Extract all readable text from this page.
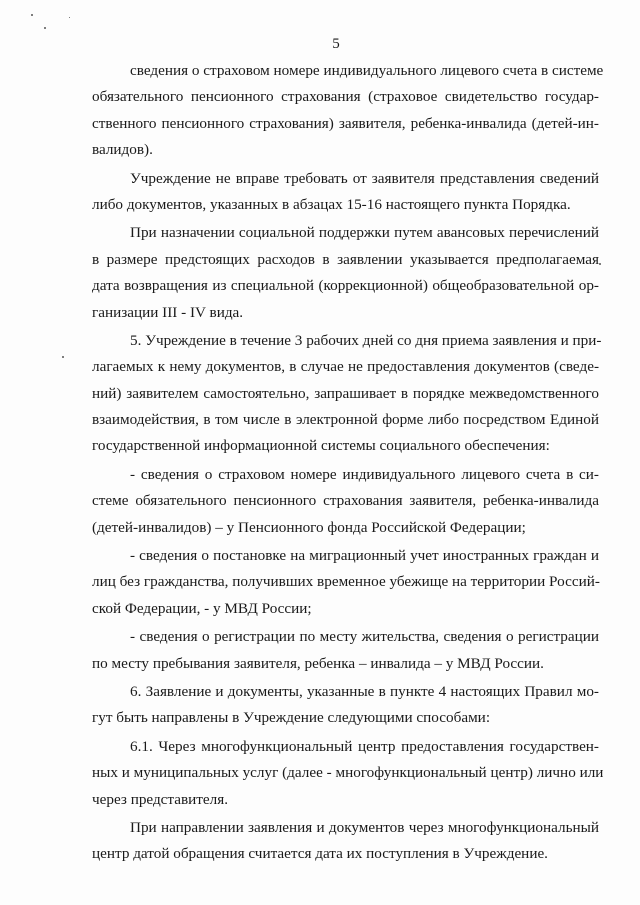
5
сведения о страховом номере индивидуального лицевого счета в системе
обязательного пенсионного страхования (страховое свидетельство государ-
ственного пенсионного страхования) заявителя, ребенка-инвалида (детей-ин-
валидов).
Учреждение не вправе требовать от заявителя представления сведений
либо документов, указанных в абзацах 15-16 настоящего пункта Порядка.
При назначении социальной поддержки путем авансовых перечислений
в размере предстоящих расходов в заявлении указывается предполагаемая
дата возвращения из специальной (коррекционной) общеобразовательной ор-
ганизации III - IV вида.
5. Учреждение в течение 3 рабочих дней со дня приема заявления и при-
лагаемых к нему документов, в случае не предоставления документов (сведе-
ний) заявителем самостоятельно, запрашивает в порядке межведомственного
взаимодействия, в том числе в электронной форме либо посредством Единой
государственной информационной системы социального обеспечения:
- сведения о страховом номере индивидуального лицевого счета в си-
стеме обязательного пенсионного страхования заявителя, ребенка-инвалида
(детей-инвалидов) – у Пенсионного фонда Российской Федерации;
- сведения о постановке на миграционный учет иностранных граждан и
лиц без гражданства, получивших временное убежище на территории Россий-
ской Федерации, - у МВД России;
- сведения о регистрации по месту жительства, сведения о регистрации
по месту пребывания заявителя, ребенка – инвалида – у МВД России.
6. Заявление и документы, указанные в пункте 4 настоящих Правил мо-
гут быть направлены в Учреждение следующими способами:
6.1. Через многофункциональный центр предоставления государствен-
ных и муниципальных услуг (далее - многофункциональный центр) лично или
через представителя.
При направлении заявления и документов через многофункциональный
центр датой обращения считается дата их поступления в Учреждение.
